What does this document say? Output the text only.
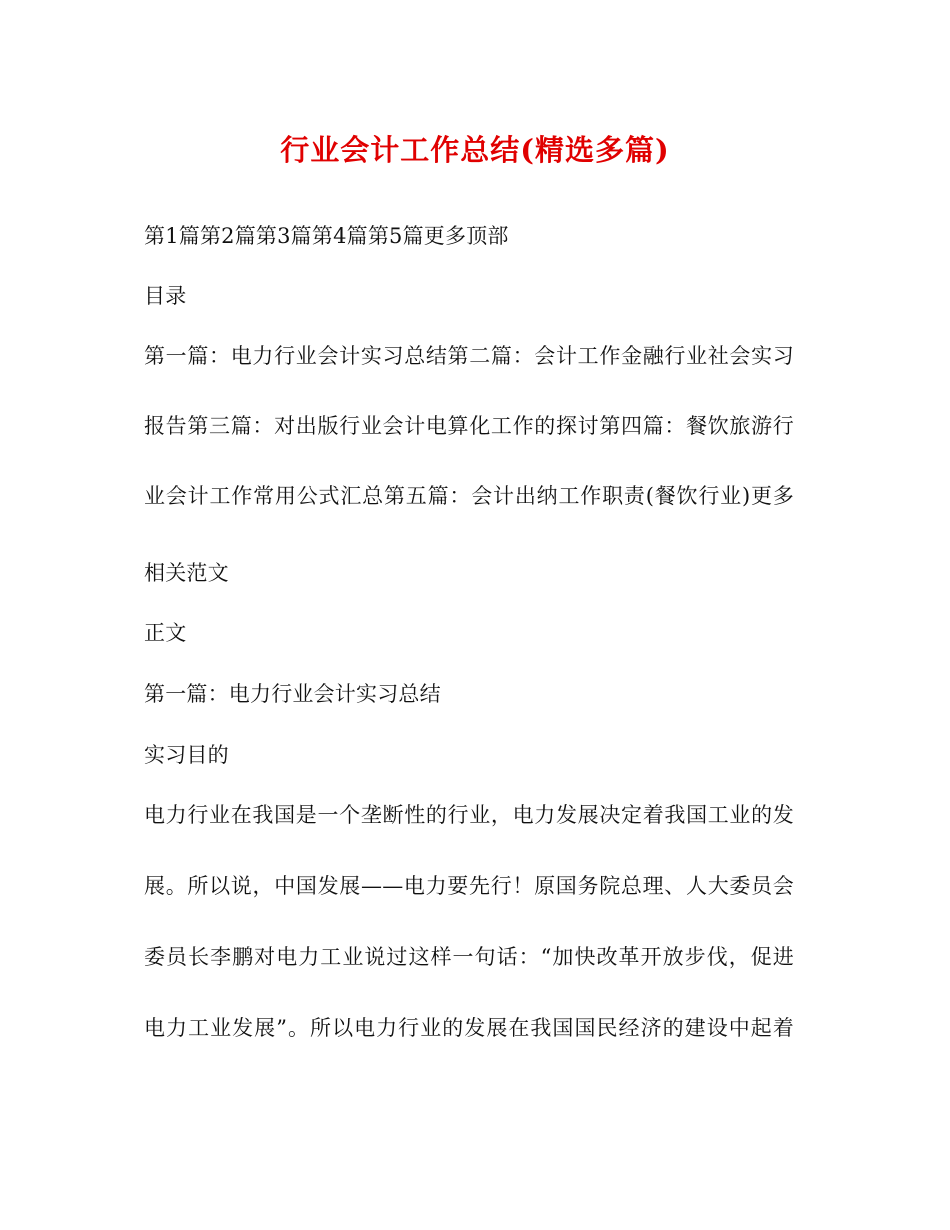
行业会计工作总结(精选多篇)
第1篇第2篇第3篇第4篇第5篇更多顶部
目录
第一篇：电力行业会计实习总结第二篇：会计工作金融行业社会实习
报告第三篇：对出版行业会计电算化工作的探讨第四篇：餐饮旅游行
业会计工作常用公式汇总第五篇：会计出纳工作职责(餐饮行业)更多
相关范文
正文
第一篇：电力行业会计实习总结
实习目的
电力行业在我国是一个垄断性的行业，电力发展决定着我国工业的发
展。所以说，中国发展——电力要先行！原国务院总理、人大委员会
委员长李鹏对电力工业说过这样一句话：“加快改革开放步伐，促进
电力工业发展”。所以电力行业的发展在我国国民经济的建设中起着
